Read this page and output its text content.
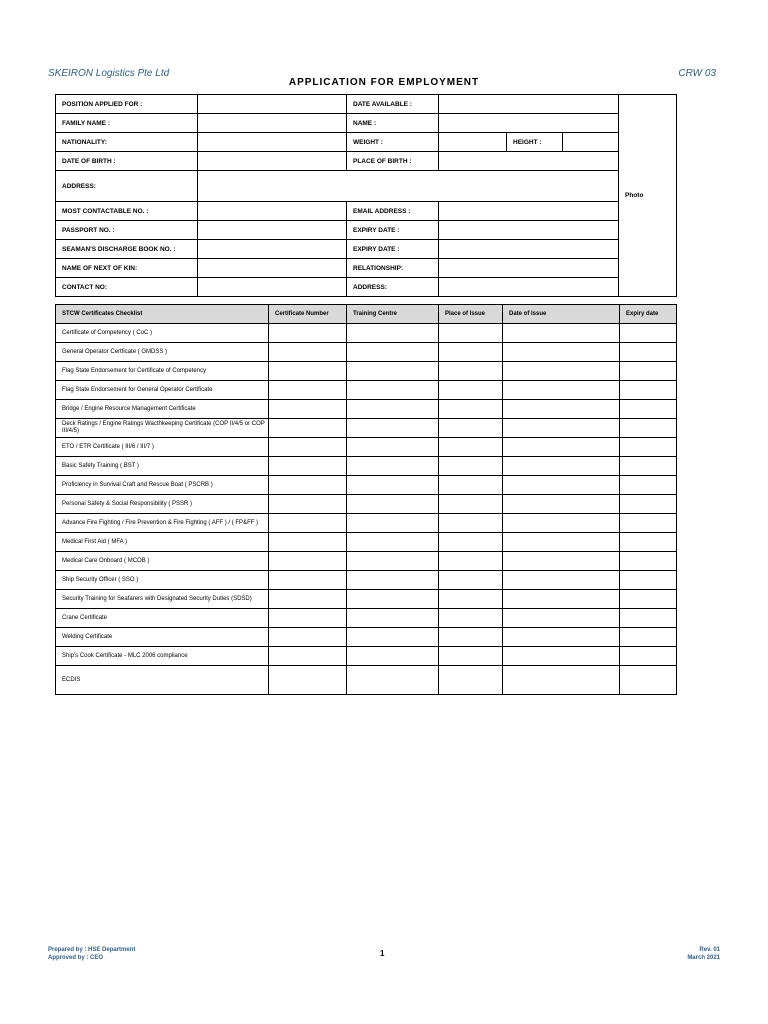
SKEIRON Logistics Pte Ltd	CRW 03
APPLICATION FOR EMPLOYMENT
POSITION APPLIED FOR :		DATE AVAILABLE :				Photo
FAMILY NAME :		NAME :				
NATIONALITY:		WEIGHT :		HEIGHT :		
DATE OF BIRTH :		PLACE OF BIRTH :				
ADDRESS:						
MOST CONTACTABLE NO. :		EMAIL ADDRESS :				
PASSPORT NO. :		EXPIRY DATE :				
SEAMAN'S DISCHARGE BOOK NO. :		EXPIRY DATE :				
NAME OF NEXT OF KIN:		RELATIONSHIP:				
CONTACT NO:		ADDRESS:				
STCW Certificates Checklist	Certificate Number	Training Centre	Place of Issue	Date of Issue	Expiry date
Certificate of Competency ( CoC )					
General Operator Certficate ( GMDSS )					
Flag State Endorsement for Certificate of Competency					
Flag State Endorsement for General Operator Certificate					
Bridge / Engine Resource Management Certificate					
Deck Ratings / Engine Ratings Wacthkeeping Certificate (COP II/4/5 or COP III/4/5)					
ETO / ETR Certificate ( III/6 / III/7 )					
Basic Safety Training ( BST )					
Proficiency in Survival Craft and Rescue Boat ( PSCRB )					
Personal Safety & Social Responsibility ( PSSR )					
Advance Fire Fighting / Fire Prevention & Fire Fighting ( AFF ) / ( FP&FF )					
Medical First Aid ( MFA )					
Medical Care Onboard ( MCOB )					
Ship Security Officer ( SSO )					
Security Training for Seafarers with Designated Security Duties (SDSD)					
Crane Certificate					
Welding Certificate					
Ship's Cook Certificate - MLC 2006 compliance					
ECDIS					
Prepared by : HSE Department
Approved by : CEO	1	Rev. 01
March 2021
